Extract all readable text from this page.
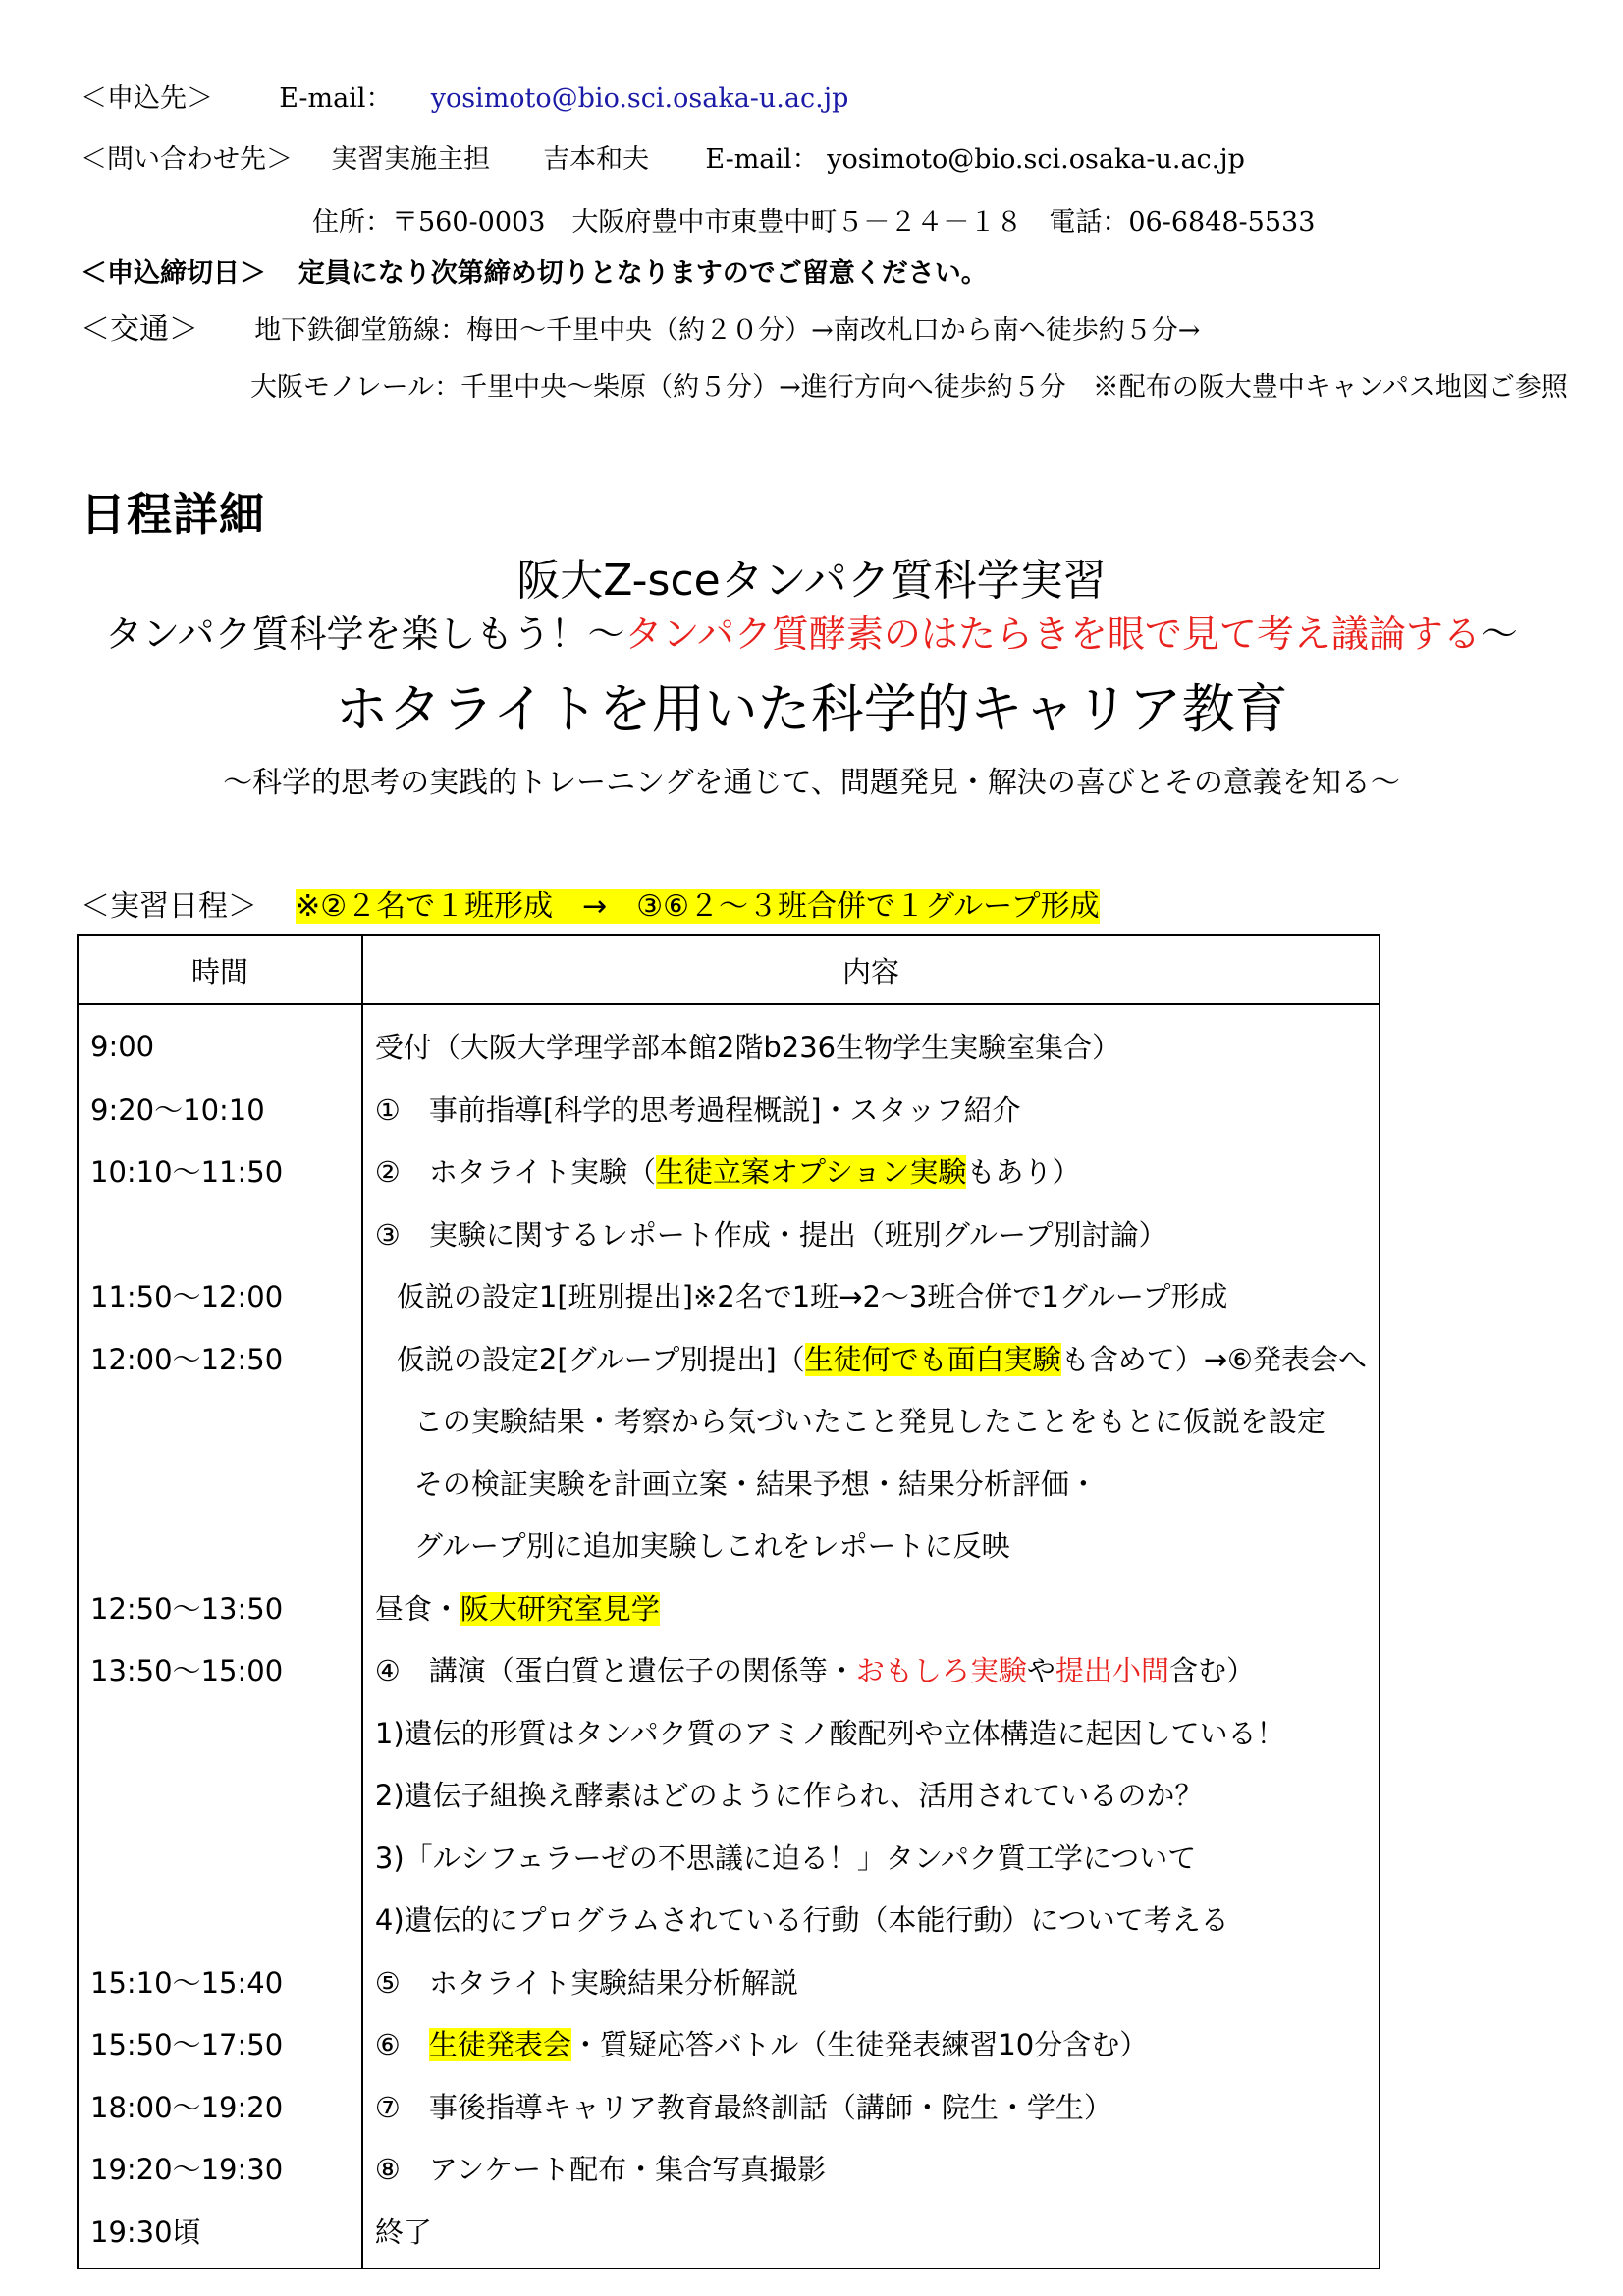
＜申込先＞ E-mail： yosimoto@bio.sci.osaka-u.ac.jp
＜問い合わせ先＞ 実習実施主担　　吉本和夫 E-mail： yosimoto@bio.sci.osaka-u.ac.jp
住所：〒560-0003　大阪府豊中市東豊中町５－２４－１８　電話：06-6848-5533
＜申込締切日＞ 定員になり次第締め切りとなりますのでご留意ください。
＜交通＞ 地下鉄御堂筋線：梅田〜千里中央（約２０分）→南改札口から南へ徒歩約５分→
大阪モノレール：千里中央〜柴原（約５分）→進行方向へ徒歩約５分　※配布の阪大豊中キャンパス地図ご参照
日程詳細
阪大Z-sceタンパク質科学実習
タンパク質科学を楽しもう！〜タンパク質酵素のはたらきを眼で見て考え議論する〜
ホタライトを用いた科学的キャリア教育
〜科学的思考の実践的トレーニングを通じて、問題発見・解決の喜びとその意義を知る〜
＜実習日程＞ ※②２名で１班形成　→　③⑥２〜３班合併で１グループ形成
時間	内容
9:00	受付（大阪大学理学部本館2階b236生物学生実験室集合）
9:20〜10:10	①　事前指導[科学的思考過程概説]・スタッフ紹介
10:10〜11:50	②　ホタライト実験（生徒立案オプション実験もあり）
	③　実験に関するレポート作成・提出（班別グループ別討論）
11:50〜12:00	仮説の設定1[班別提出]※2名で1班→2〜3班合併で1グループ形成
12:00〜12:50	仮説の設定2[グループ別提出]（生徒何でも面白実験も含めて）→⑥発表会へ
	この実験結果・考察から気づいたこと発見したことをもとに仮説を設定
	その検証実験を計画立案・結果予想・結果分析評価・
	グループ別に追加実験しこれをレポートに反映
12:50〜13:50	昼食・阪大研究室見学
13:50〜15:00	④　講演（蛋白質と遺伝子の関係等・おもしろ実験や提出小問含む）
	1)遺伝的形質はタンパク質のアミノ酸配列や立体構造に起因している！
	2)遺伝子組換え酵素はどのように作られ、活用されているのか？
	3)「ルシフェラーゼの不思議に迫る！」タンパク質工学について
	4)遺伝的にプログラムされている行動（本能行動）について考える
15:10〜15:40	⑤　ホタライト実験結果分析解説
15:50〜17:50	⑥　生徒発表会・質疑応答バトル（生徒発表練習10分含む）
18:00〜19:20	⑦　事後指導キャリア教育最終訓話（講師・院生・学生）
19:20〜19:30	⑧　アンケート配布・集合写真撮影
19:30頃	終了
